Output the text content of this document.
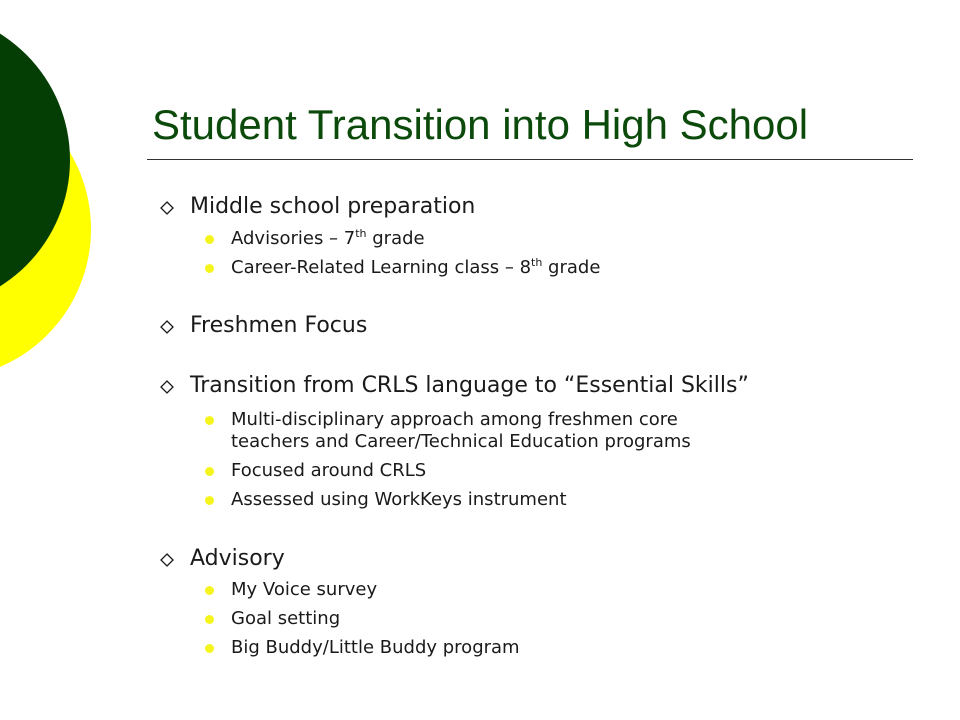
Student Transition into High School
Middle school preparation
Advisories – 7th grade
Career-Related Learning class – 8th grade
Freshmen Focus
Transition from CRLS language to “Essential Skills”
Multi-disciplinary approach among freshmen core
teachers and Career/Technical Education programs
Focused around CRLS
Assessed using WorkKeys instrument
Advisory
My Voice survey
Goal setting
Big Buddy/Little Buddy program
